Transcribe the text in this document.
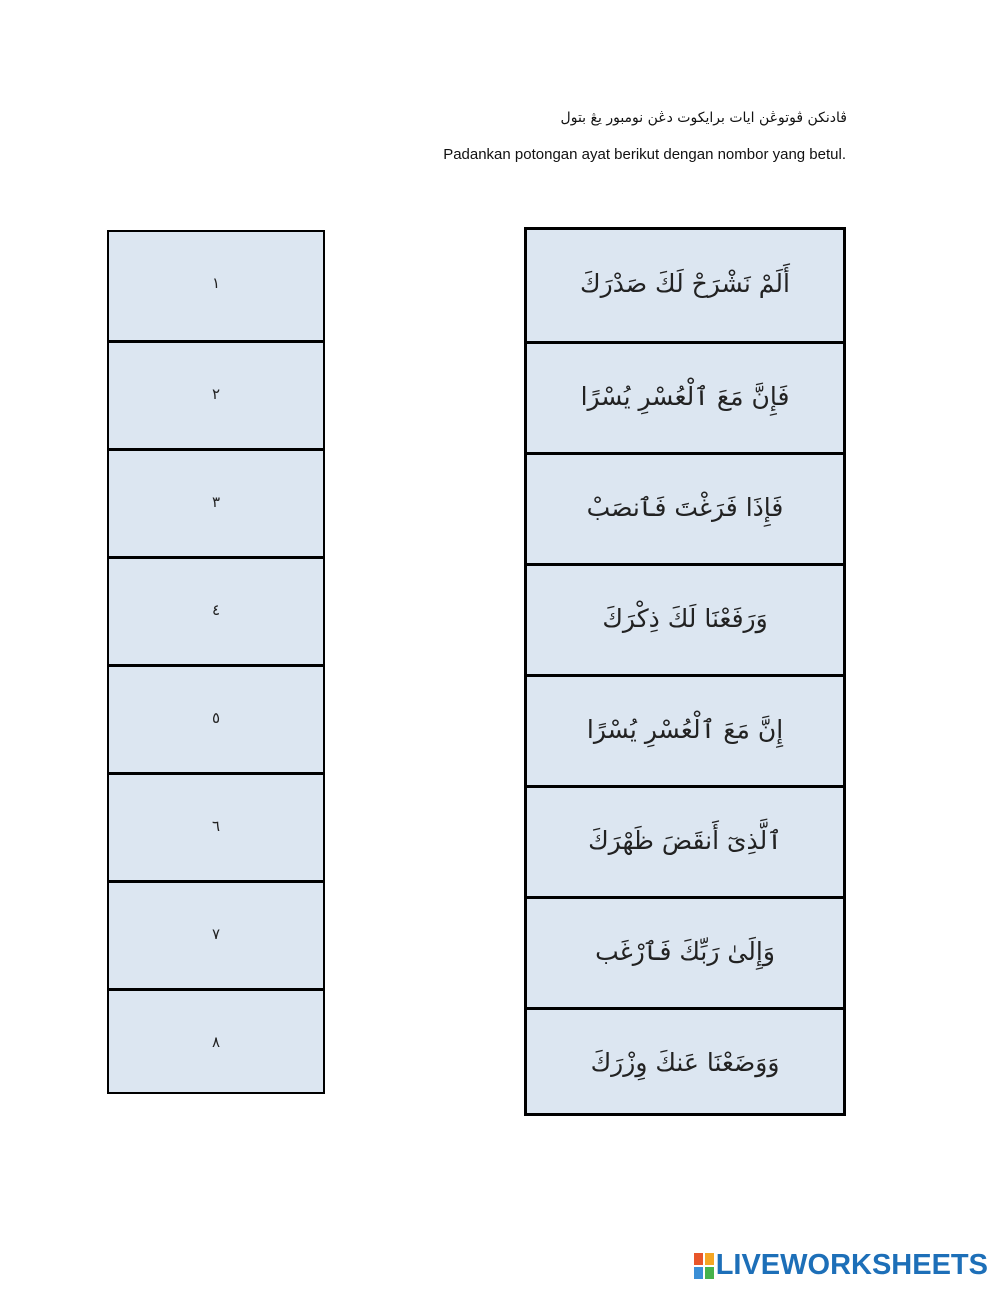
ڤادنكن ڤوتوڠن ايات برايكوت دڠن نومبور يڠ بتول
Padankan potongan ayat berikut dengan nombor yang betul.
١
٢
٣
٤
٥
٦
٧
٨
أَلَمْ نَشْرَحْ لَكَ صَدْرَكَ
فَإِنَّ مَعَ ٱلْعُسْرِ يُسْرًا
فَإِذَا فَرَغْتَ فَٱنصَبْ
وَرَفَعْنَا لَكَ ذِكْرَكَ
إِنَّ مَعَ ٱلْعُسْرِ يُسْرًا
ٱلَّذِىٓ أَنقَضَ ظَهْرَكَ
وَإِلَىٰ رَبِّكَ فَٱرْغَب
وَوَضَعْنَا عَنكَ وِزْرَكَ
LIVEWORKSHEETS
